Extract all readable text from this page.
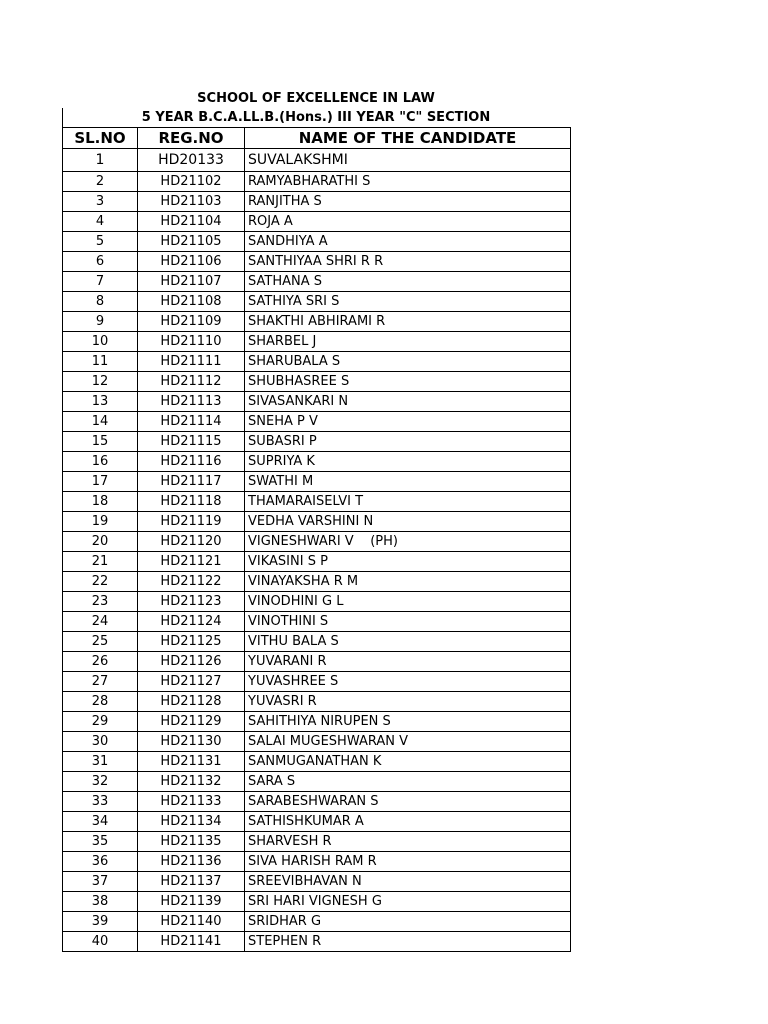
SCHOOL OF EXCELLENCE IN LAW
5 YEAR B.C.A.LL.B.(Hons.) III YEAR "C" SECTION
SL.NO	REG.NO	NAME OF THE CANDIDATE
1	HD20133	SUVALAKSHMI
2	HD21102	RAMYABHARATHI S
3	HD21103	RANJITHA S
4	HD21104	ROJA A
5	HD21105	SANDHIYA A
6	HD21106	SANTHIYAA SHRI R R
7	HD21107	SATHANA S
8	HD21108	SATHIYA SRI S
9	HD21109	SHAKTHI ABHIRAMI R
10	HD21110	SHARBEL J
11	HD21111	SHARUBALA S
12	HD21112	SHUBHASREE S
13	HD21113	SIVASANKARI N
14	HD21114	SNEHA P V
15	HD21115	SUBASRI P
16	HD21116	SUPRIYA K
17	HD21117	SWATHI M
18	HD21118	THAMARAISELVI T
19	HD21119	VEDHA VARSHINI N
20	HD21120	VIGNESHWARI V    (PH)
21	HD21121	VIKASINI S P
22	HD21122	VINAYAKSHA R M
23	HD21123	VINODHINI G L
24	HD21124	VINOTHINI S
25	HD21125	VITHU BALA S
26	HD21126	YUVARANI R
27	HD21127	YUVASHREE S
28	HD21128	YUVASRI R
29	HD21129	SAHITHIYA NIRUPEN S
30	HD21130	SALAI MUGESHWARAN V
31	HD21131	SANMUGANATHAN K
32	HD21132	SARA S
33	HD21133	SARABESHWARAN S
34	HD21134	SATHISHKUMAR A
35	HD21135	SHARVESH R
36	HD21136	SIVA HARISH RAM R
37	HD21137	SREEVIBHAVAN N
38	HD21139	SRI HARI VIGNESH G
39	HD21140	SRIDHAR G
40	HD21141	STEPHEN R
